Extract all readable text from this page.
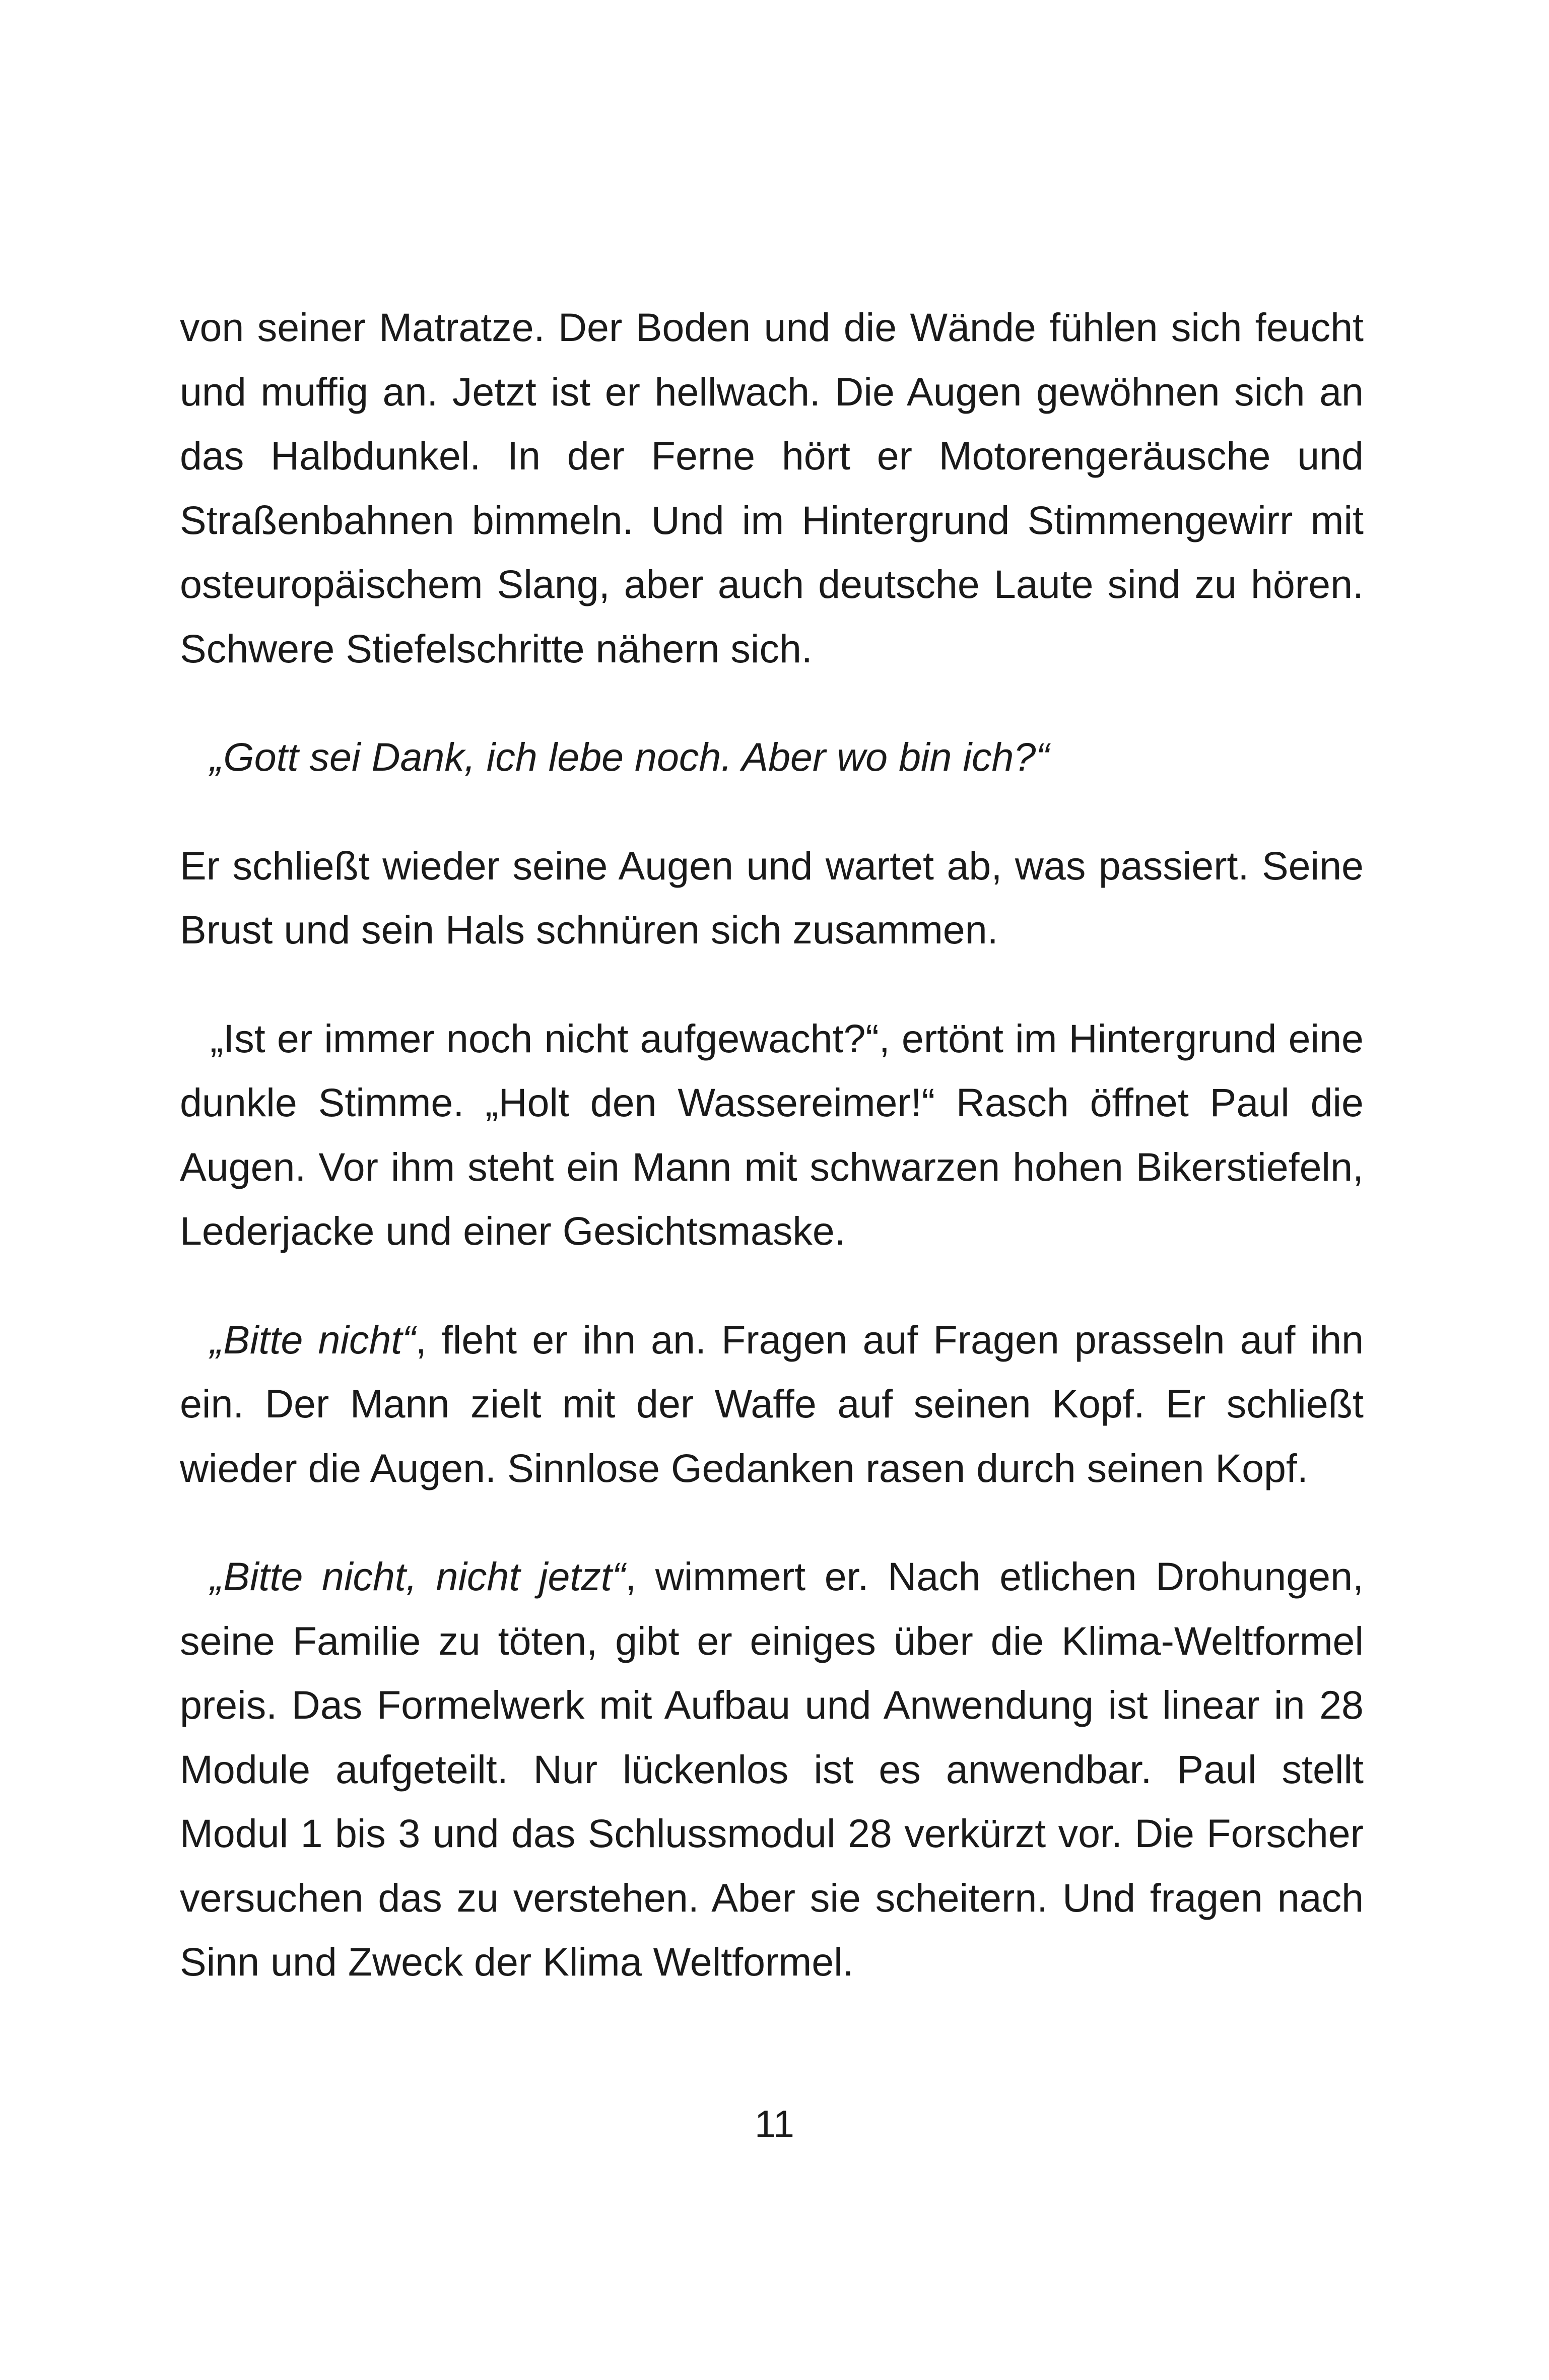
von seiner Matratze. Der Boden und die Wände fühlen sich feucht und muffig an. Jetzt ist er hellwach. Die Augen gewöhnen sich an das Halbdunkel. In der Ferne hört er Motorengeräusche und Straßenbahnen bimmeln. Und im Hintergrund Stimmengewirr mit osteuropäischem Slang, aber auch deutsche Laute sind zu hören. Schwere Stiefelschritte nähern sich.

„Gott sei Dank, ich lebe noch. Aber wo bin ich?“

Er schließt wieder seine Augen und wartet ab, was passiert. Seine Brust und sein Hals schnüren sich zusammen.

„Ist er immer noch nicht aufgewacht?“, ertönt im Hintergrund eine dunkle Stimme. „Holt den Wassereimer!“ Rasch öffnet Paul die Augen. Vor ihm steht ein Mann mit schwarzen hohen Bikerstiefeln, Lederjacke und einer Gesichtsmaske.

„Bitte nicht“, fleht er ihn an. Fragen auf Fragen prasseln auf ihn ein. Der Mann zielt mit der Waffe auf seinen Kopf. Er schließt wieder die Augen. Sinnlose Gedanken rasen durch seinen Kopf.

„Bitte nicht, nicht jetzt“, wimmert er. Nach etlichen Drohungen, seine Familie zu töten, gibt er einiges über die Klima-Weltformel preis. Das Formelwerk mit Aufbau und Anwendung ist linear in 28 Module aufgeteilt. Nur lückenlos ist es anwendbar. Paul stellt Modul 1 bis 3 und das Schlussmodul 28 verkürzt vor. Die Forscher versuchen das zu verstehen. Aber sie scheitern. Und fragen nach Sinn und Zweck der Klima Weltformel.

11
